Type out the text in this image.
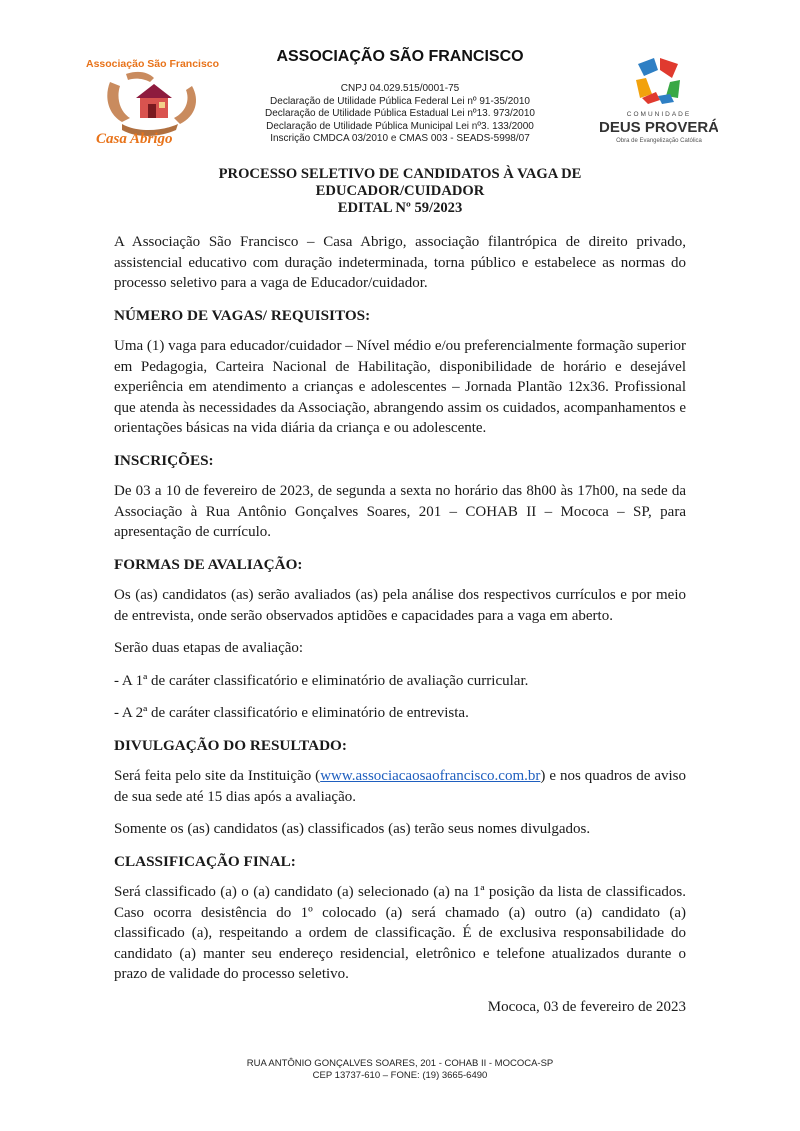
Associação São Francisco
Casa Abrigo
ASSOCIAÇÃO SÃO FRANCISCO
CNPJ 04.029.515/0001-75
Declaração de Utilidade Pública Federal Lei nº 91-35/2010
Declaração de Utilidade Pública Estadual Lei nº13. 973/2010
Declaração de Utilidade Pública Municipal Lei nº3. 133/2000
Inscrição CMDCA 03/2010 e CMAS 003 - SEADS-5998/07
COMUNIDADE
DEUS PROVERÁ
Obra de Evangelização Católica
PROCESSO SELETIVO DE CANDIDATOS À VAGA DE
EDUCADOR/CUIDADOR
EDITAL Nº 59/2023

A Associação São Francisco – Casa Abrigo, associação filantrópica de direito privado, assistencial educativo com duração indeterminada, torna público e estabelece as normas do processo seletivo para a vaga de Educador/cuidador.

NÚMERO DE VAGAS/ REQUISITOS:

Uma (1) vaga para educador/cuidador – Nível médio e/ou preferencialmente formação superior em Pedagogia, Carteira Nacional de Habilitação, disponibilidade de horário e desejável experiência em atendimento a crianças e adolescentes – Jornada Plantão 12x36. Profissional que atenda às necessidades da Associação, abrangendo assim os cuidados, acompanhamentos e orientações básicas na vida diária da criança e ou adolescente.

INSCRIÇÕES:

De 03 a 10 de fevereiro de 2023, de segunda a sexta no horário das 8h00 às 17h00, na sede da Associação à Rua Antônio Gonçalves Soares, 201 – COHAB II – Mococa – SP, para apresentação de currículo.

FORMAS DE AVALIAÇÃO:

Os (as) candidatos (as) serão avaliados (as) pela análise dos respectivos currículos e por meio de entrevista, onde serão observados aptidões e capacidades para a vaga em aberto.

Serão duas etapas de avaliação:

- A 1ª de caráter classificatório e eliminatório de avaliação curricular.

- A 2ª de caráter classificatório e eliminatório de entrevista.

DIVULGAÇÃO DO RESULTADO:

Será feita pelo site da Instituição (www.associacaosaofrancisco.com.br) e nos quadros de aviso de sua sede até 15 dias após a avaliação.

Somente os (as) candidatos (as) classificados (as) terão seus nomes divulgados.

CLASSIFICAÇÃO FINAL:

Será classificado (a) o (a) candidato (a) selecionado (a) na 1ª posição da lista de classificados. Caso ocorra desistência do 1º colocado (a) será chamado (a) outro (a) candidato (a) classificado (a), respeitando a ordem de classificação. É de exclusiva responsabilidade do candidato (a) manter seu endereço residencial, eletrônico e telefone atualizados durante o prazo de validade do processo seletivo.

Mococa, 03 de fevereiro de 2023

RUA ANTÔNIO GONÇALVES SOARES, 201 - COHAB II - MOCOCA-SP
CEP 13737-610 – FONE: (19) 3665-6490
